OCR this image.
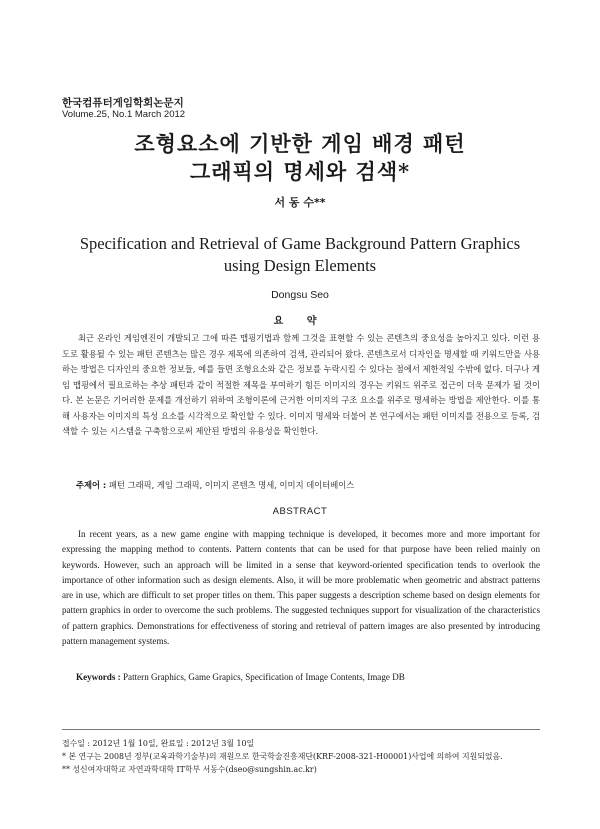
한국컴퓨터게임학회논문지
Volume.25, No.1 March 2012
조형요소에 기반한 게임 배경 패턴
그래픽의 명세와 검색*
서 동 수**
Specification and Retrieval of Game Background Pattern Graphics
using Design Elements
Dongsu Seo
요 약

최근 온라인 게임엔진이 개발되고 그에 따른 맵핑기법과 함께 그것을 표현할 수 있는 콘텐츠의 중요성을 높아지고 있다. 이런 용도로 활용될 수 있는 패턴 콘텐츠는 많은 경우 제목에 의존하여 검색, 관리되어 왔다. 콘텐츠로서 디자인을 명세할 때 키워드만을 사용하는 방법은 디자인의 중요한 정보들, 예를 들면 조형요소와 같은 정보를 누락시킬 수 있다는 점에서 제한적일 수밖에 없다. 더구나 게임 맵핑에서 필요로하는 추상 패턴과 같이 적절한 제목을 부여하기 힘든 이미지의 경우는 키워드 위주로 접근이 더욱 문제가 될 것이다. 본 논문은 기어러한 문제를 개선하기 위하여 조형이론에 근거한 이미지의 구조 요소를 위주로 명세하는 방법을 제안한다. 이를 통해 사용자는 이미지의 특성 요소를 시각적으로 확인할 수 있다. 이미지 명세와 더불어 본 연구에서는 패턴 이미지를 전용으로 등록, 검색할 수 있는 시스템을 구축함으로써 제안된 방법의 유용성을 확인한다.

주제어 : 패턴 그래픽, 게임 그래픽, 이미지 콘텐츠 명세, 이미지 데이터베이스
ABSTRACT

In recent years, as a new game engine with mapping technique is developed, it becomes more and more important for expressing the mapping method to contents. Pattern contents that can be used for that purpose have been relied mainly on keywords. However, such an approach will be limited in a sense that keyword-oriented specification tends to overlook the importance of other information such as design elements. Also, it will be more problematic when geometric and abstract patterns are in use, which are difficult to set proper titles on them. This paper suggests a description scheme based on design elements for pattern graphics in order to overcome the such problems. The suggested techniques support for visualization of the characteristics of pattern graphics. Demonstrations for effectiveness of storing and retrieval of pattern images are also presented by introducing pattern management systems.

Keywords : Pattern Graphics, Game Grapics, Specification of Image Contents, Image DB
접수일 : 2012년 1월 10일, 완료일 : 2012년 3월 10일
* 본 연구는 2008년 정부(교육과학기술부)의 재원으로 한국학술진흥재단(KRF-2008-321-H00001)사업에 의하여 지원되었음.
** 성신여자대학교 자연과학대학 IT학부 서동수(dseo@sungshin.ac.kr)
